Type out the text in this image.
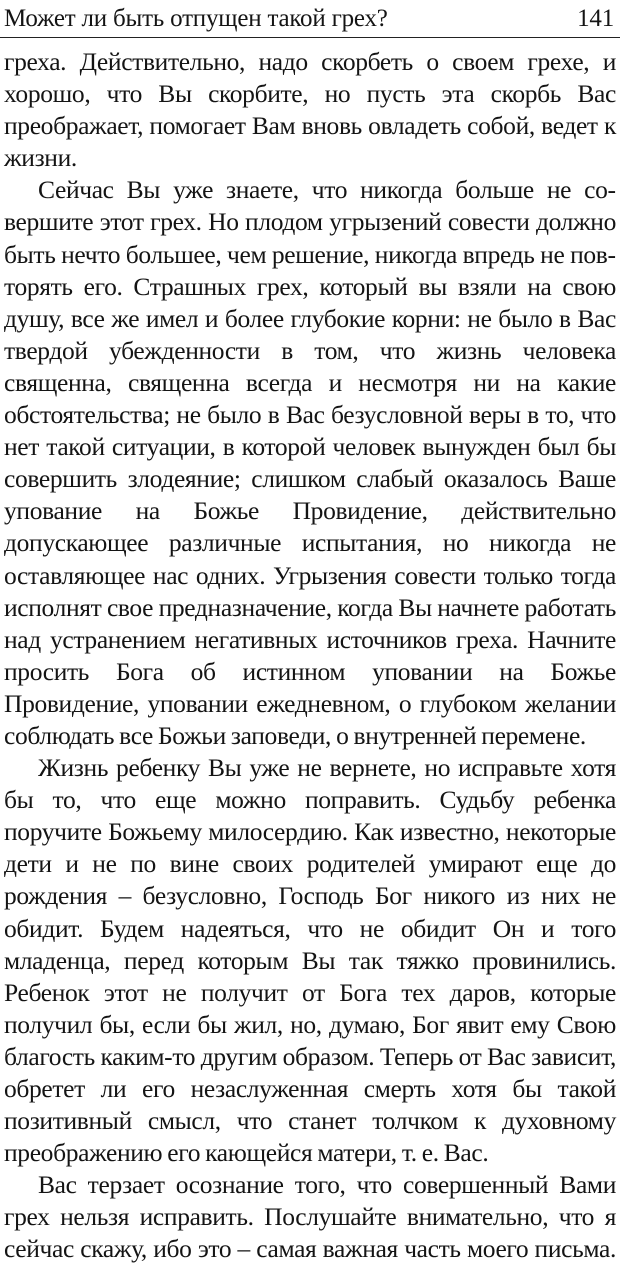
Может ли быть отпущен такой грех?	141

греха. Действительно, надо скорбеть о своем грехе, и хорошо, что Вы скорбите, но пусть эта скорбь Вас преображает, помогает Вам вновь овладеть собой, ведет к жизни.

Сейчас Вы уже знаете, что никогда больше не совершите этот грех. Но плодом угрызений совести должно быть нечто большее, чем решение, никогда впредь не повторять его. Страшных грех, который вы взяли на свою душу, все же имел и более глубокие корни: не было в Вас твердой убежденности в том, что жизнь человека священна, священна всегда и несмотря ни на какие обстоятельства; не было в Вас безусловной веры в то, что нет такой ситуации, в которой человек вынужден был бы совершить злодеяние; слишком слабый оказалось Ваше упование на Божье Провидение, действительно допускающее различные испытания, но никогда не оставляющее нас одних. Угрызения совести только тогда исполнят свое предназначение, когда Вы начнете работать над устранением негативных источников греха. Начните просить Бога об истинном уповании на Божье Провидение, уповании ежедневном, о глубоком желании соблюдать все Божьи заповеди, о внутренней перемене.

Жизнь ребенку Вы уже не вернете, но исправьте хотя бы то, что еще можно поправить. Судьбу ребенка поручите Божьему милосердию. Как известно, некоторые дети и не по вине своих родителей умирают еще до рождения – безусловно, Господь Бог никого из них не обидит. Будем надеяться, что не обидит Он и того младенца, перед которым Вы так тяжко провинились. Ребенок этот не получит от Бога тех даров, которые получил бы, если бы жил, но, думаю, Бог явит ему Свою благость каким-то другим образом. Теперь от Вас зависит, обретет ли его незаслуженная смерть хотя бы такой позитивный смысл, что станет толчком к духовному преображению его кающейся матери, т. е. Вас.

Вас терзает осознание того, что совершенный Вами грех нельзя исправить. Послушайте внимательно, что я сейчас скажу, ибо это – самая важная часть моего письма.
